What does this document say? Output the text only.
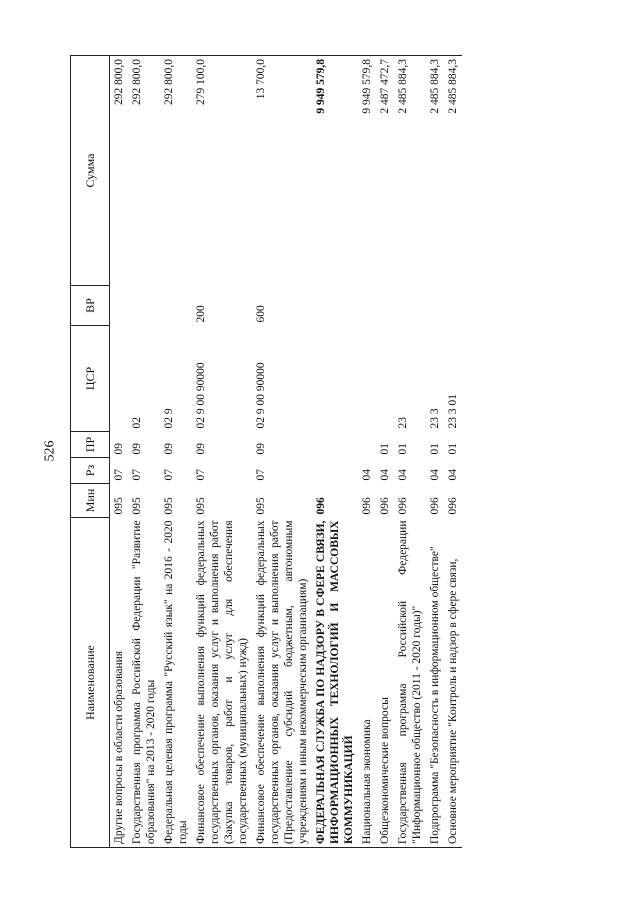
526
Наименование	Мин	Рз	ПР	ЦСР	ВР	Сумма
Другие вопросы в области образования	095	07	09			292 800,0
Государственная программа Российской Федерации "Развитие образования" на 2013 - 2020 годы	095	07	09	02		292 800,0
Федеральная целевая программа "Русский язык" на 2016 - 2020 годы	095	07	09	02 9		292 800,0
Финансовое обеспечение выполнения функций федеральных государственных органов, оказания услуг и выполнения работ (Закупка товаров, работ и услуг для обеспечения государственных (муниципальных) нужд)	095	07	09	02 9 00 90000	200	279 100,0
Финансовое обеспечение выполнения функций федеральных государственных органов, оказания услуг и выполнения работ (Предоставление субсидий бюджетным, автономным учреждениям и иным некоммерческим организациям)	095	07	09	02 9 00 90000	600	13 700,0
ФЕДЕРАЛЬНАЯ СЛУЖБА ПО НАДЗОРУ В СФЕРЕ СВЯЗИ, ИНФОРМАЦИОННЫХ ТЕХНОЛОГИЙ И МАССОВЫХ КОММУНИКАЦИЙ	096					9 949 579,8
Национальная экономика	096	04				9 949 579,8
Общеэкономические вопросы	096	04	01			2 487 472,7
Государственная программа Российской Федерации "Информационное общество (2011 - 2020 годы)"	096	04	01	23		2 485 884,3
Подпрограмма "Безопасность в информационном обществе"	096	04	01	23 3		2 485 884,3
Основное мероприятие "Контроль и надзор в сфере связи,	096	04	01	23 3 01		2 485 884,3
